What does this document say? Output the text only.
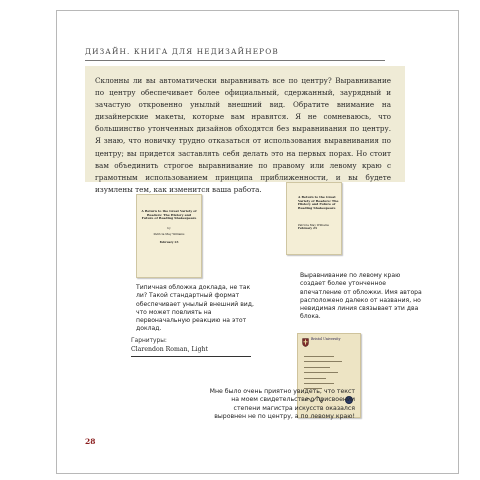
ДИЗАЙН. КНИГА ДЛЯ НЕДИЗАЙНЕРОВ

Склонны ли вы автоматически выравнивать все по центру? Выравнивание по центру обеспечивает более официальный, сдержанный, заурядный и зачастую откровенно унылый внешний вид. Обратите внимание на дизайнерские макеты, которые вам нравятся. Я не сомневаюсь, что большинство утонченных дизайнов обходятся без выравнивания по центру. Я знаю, что новичку трудно отказаться от использования выравнивания по центру; вы придется заставлять себя делать это на первых порах. Но стоит вам объединить строгое выравнивание по правому или левому краю с грамотным использованием принципа приближенности, и вы будете изумлены тем, как изменится ваша работа.

A Return to the Great Variety of Readers: The History and Future of Reading Shakespeare
by
Patricia May Williams
February 23
A Return to the Great Variety of Readers: The History and Future of Reading Shakespeare
Patricia May Williams
February 23

Типичная обложка доклада, не так ли? Такой стандартный формат обеспечивает унылый внешний вид, что может повлиять на первоначальную реакцию на этот доклад.

Выравнивание по левому краю создает более утонченное впечатление от обложки. Имя автора расположено далеко от названия, но невидимая линия связывает эти два блока.

Гарнитуры:
Clarendon Roman, Light
Bristol University

Мне было очень приятно увидеть, что текст на моем свидетельстве о присвоении степени магистра искусств оказался выровнен не по центру, а по левому краю!

28
